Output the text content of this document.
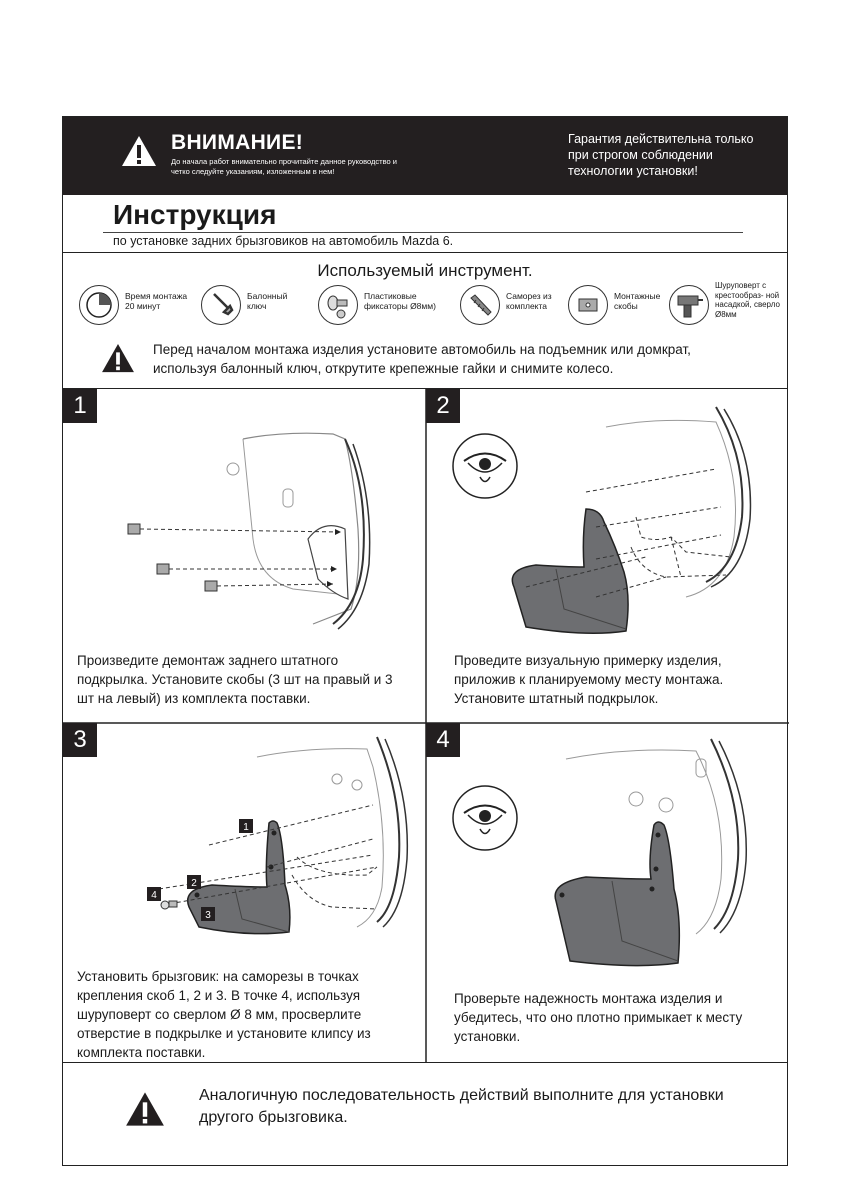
ВНИМАНИЕ!
До начала работ внимательно прочитайте данное руководство и четко следуйте указаниям, изложенным в нем!
Гарантия действительна только при строгом соблюдении технологии установки!
Инструкция
по установке задних брызговиков на автомобиль Mazda 6.
Используемый инструмент.
Время монтажа 20 минут
Балонный ключ
Пластиковые фиксаторы Ø8мм)
Саморез из комплекта
Монтажные скобы
Шуруповерт с крестообраз- ной насадкой, сверло Ø8мм
Перед началом монтажа изделия установите автомобиль на подъемник или домкрат, используя балонный ключ, открутите крепежные гайки и снимите колесо.
1
Произведите демонтаж заднего штатного подкрылка. Установите скобы (3 шт на правый и 3 шт на левый) из комплекта поставки.
2
Проведите визуальную примерку изделия, приложив к планируемому месту монтажа. Установите штатный подкрылок.
3
1
2
3
4
Установить брызговик: на саморезы в точках крепления скоб 1, 2 и 3. В точке 4, используя шуруповерт со сверлом Ø 8 мм, просверлите отверстие в подкрылке и установите клипсу из комплекта поставки.
4
Проверьте надежность монтажа изделия и убедитесь, что оно плотно примыкает к месту установки.
Аналогичную последовательность действий выполните для установки другого брызговика.
